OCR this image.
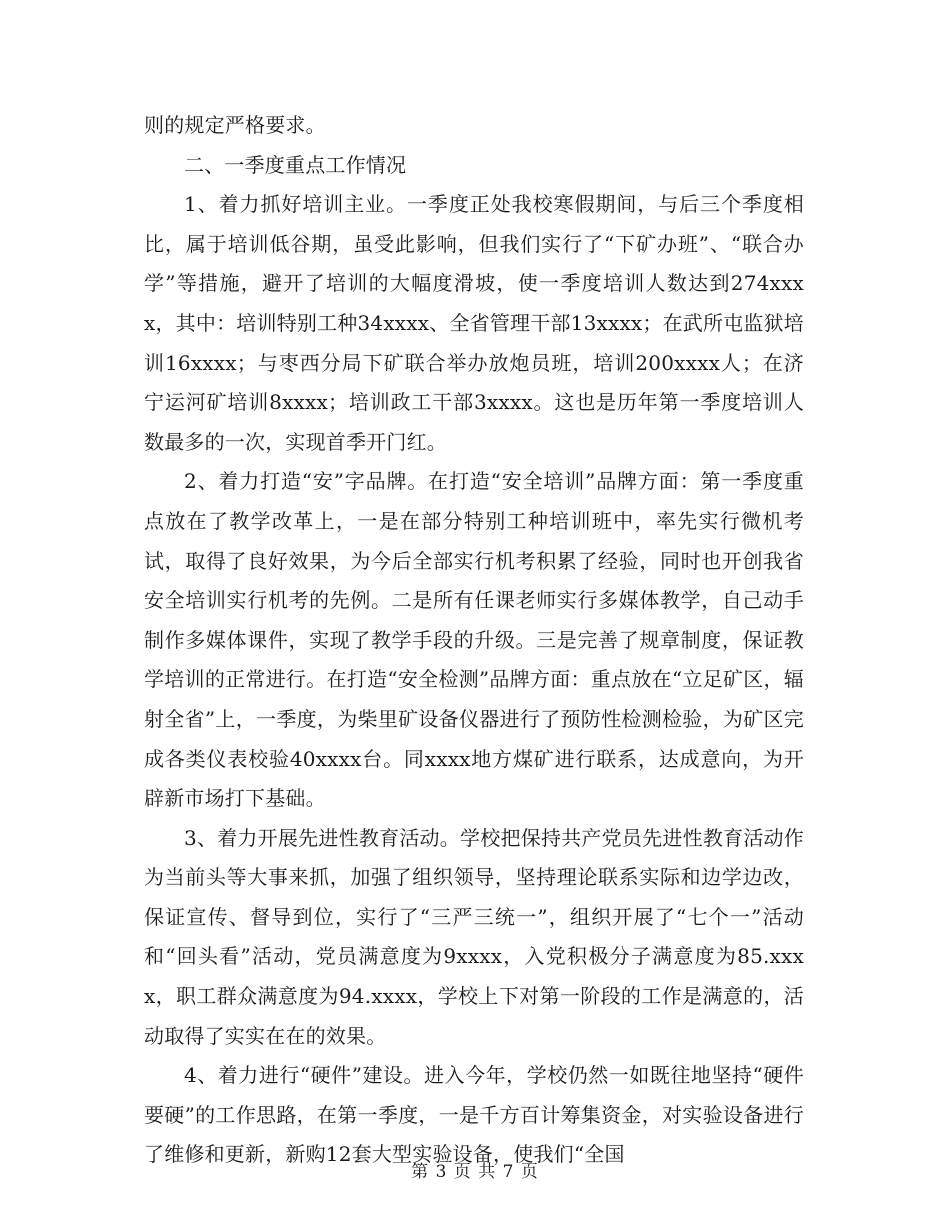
则的规定严格要求。

二、一季度重点工作情况

1、着力抓好培训主业。一季度正处我校寒假期间，与后三个季度相比，属于培训低谷期，虽受此影响，但我们实行了“下矿办班”、“联合办学”等措施，避开了培训的大幅度滑坡，使一季度培训人数达到274xxxx，其中：培训特别工种34xxxx、全省管理干部13xxxx；在武所屯监狱培训16xxxx；与枣西分局下矿联合举办放炮员班，培训200xxxx人；在济宁运河矿培训8xxxx；培训政工干部3xxxx。这也是历年第一季度培训人数最多的一次，实现首季开门红。

2、着力打造“安”字品牌。在打造“安全培训”品牌方面：第一季度重点放在了教学改革上，一是在部分特别工种培训班中，率先实行微机考试，取得了良好效果，为今后全部实行机考积累了经验，同时也开创我省安全培训实行机考的先例。二是所有任课老师实行多媒体教学，自己动手制作多媒体课件，实现了教学手段的升级。三是完善了规章制度，保证教学培训的正常进行。在打造“安全检测”品牌方面：重点放在“立足矿区，辐射全省”上，一季度，为柴里矿设备仪器进行了预防性检测检验，为矿区完成各类仪表校验40xxxx台。同xxxx地方煤矿进行联系，达成意向，为开辟新市场打下基础。

3、着力开展先进性教育活动。学校把保持共产党员先进性教育活动作为当前头等大事来抓，加强了组织领导，坚持理论联系实际和边学边改，保证宣传、督导到位，实行了“三严三统一”，组织开展了“七个一”活动和“回头看”活动，党员满意度为9xxxx，入党积极分子满意度为85.xxxx，职工群众满意度为94.xxxx，学校上下对第一阶段的工作是满意的，活动取得了实实在在的效果。

4、着力进行“硬件”建设。进入今年，学校仍然一如既往地坚持“硬件要硬”的工作思路，在第一季度，一是千方百计筹集资金，对实验设备进行了维修和更新，新购12套大型实验设备，使我们“全国

第 3 页 共 7 页
